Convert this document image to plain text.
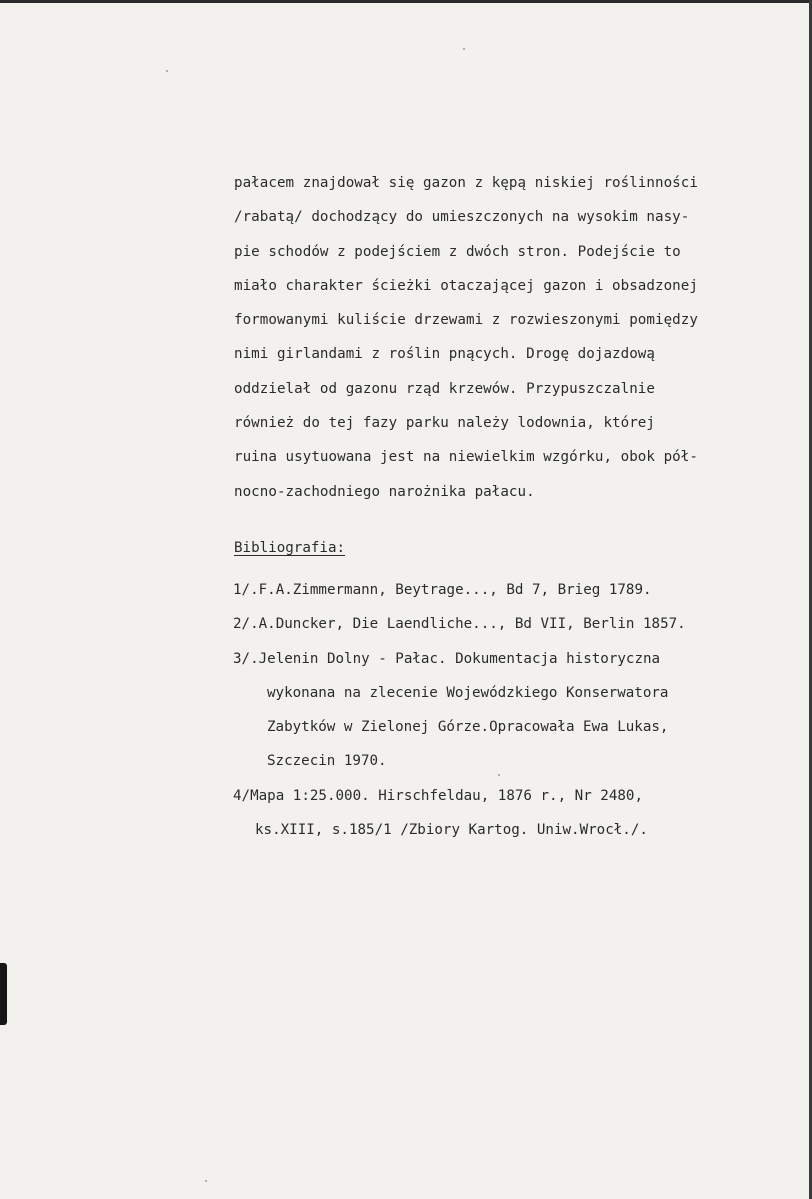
pałacem znajdował się gazon z kępą niskiej roślinności
/rabatą/ dochodzący do umieszczonych na wysokim nasy-
pie schodów z podejściem z dwóch stron. Podejście to
miało charakter ścieżki otaczającej gazon i obsadzonej
formowanymi kuliście drzewami z rozwieszonymi pomiędzy
nimi girlandami z roślin pnących. Drogę dojazdową
oddzielał od gazonu rząd krzewów. Przypuszczalnie
również do tej fazy parku należy lodownia, której
ruina usytuowana jest na niewielkim wzgórku, obok pół-
nocno-zachodniego narożnika pałacu.
Bibliografia:
1/.F.A.Zimmermann, Beytrage..., Bd 7, Brieg 1789.
2/.A.Duncker, Die Laendliche..., Bd VII, Berlin 1857.
3/.Jelenin Dolny - Pałac. Dokumentacja historyczna
wykonana na zlecenie Wojewódzkiego Konserwatora
Zabytków w Zielonej Górze.Opracowała Ewa Lukas,
Szczecin 1970.
4/Mapa 1:25.000. Hirschfeldau, 1876 r., Nr 2480,
ks.XIII, s.185/1 /Zbiory Kartog. Uniw.Wrocł./.
